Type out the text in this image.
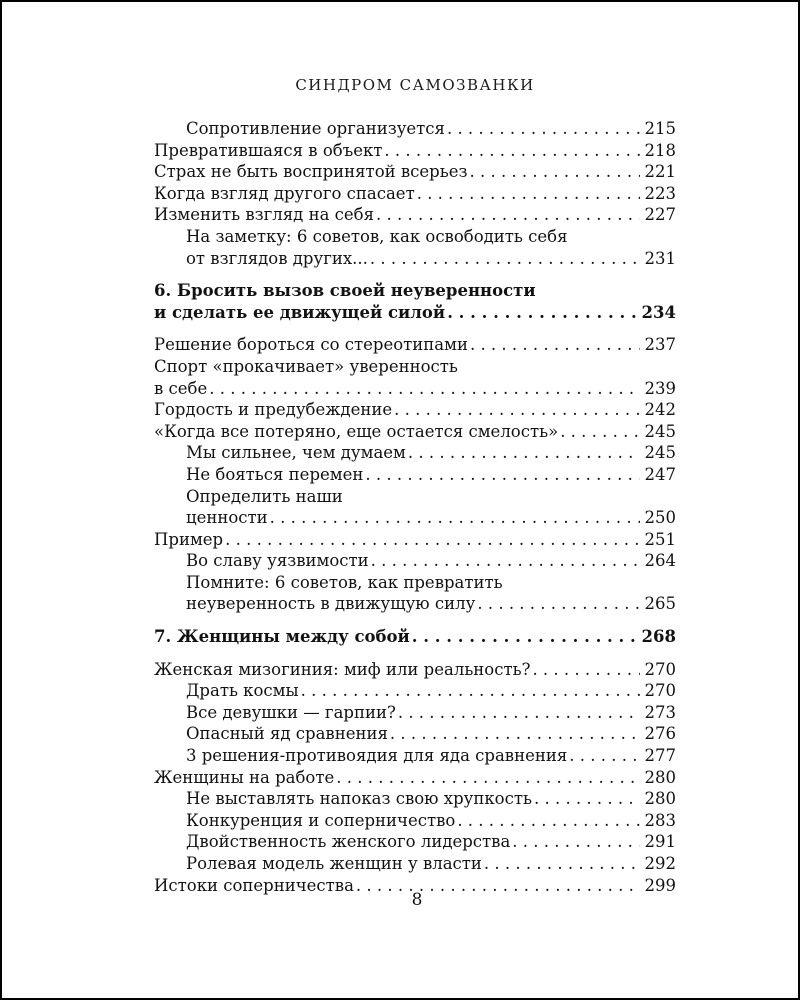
СИНДРОМ САМОЗВАНКИ
Сопротивление организуется . . .	215
Превратившаяся в объект . . .	218
Страх не быть воспринятой всерьез . . .	221
Когда взгляд другого спасает . . .	223
Изменить взгляд на себя . . .	227
На заметку: 6 советов, как освободить себя
от взглядов других... . . .	231
6. Бросить вызов своей неуверенности
и сделать ее движущей силой . . .	234
Решение бороться со стереотипами . . .	237
Спорт «прокачивает» уверенность
в себе . . .	239
Гордость и предубеждение . . .	242
«Когда все потеряно, еще остается смелость» . . .	245
Мы сильнее, чем думаем . . .	245
Не бояться перемен . . .	247
Определить наши
ценности . . .	250
Пример . . .	251
Во славу уязвимости . . .	264
Помните: 6 советов, как превратить
неуверенность в движущую силу . . .	265
7. Женщины между собой . . .	268
Женская мизогиния: миф или реальность? . . .	270
Драть космы . . .	270
Все девушки — гарпии? . . .	273
Опасный яд сравнения . . .	276
3 решения-противоядия для яда сравнения . . .	277
Женщины на работе . . .	280
Не выставлять напоказ свою хрупкость . . .	280
Конкуренция и соперничество . . .	283
Двойственность женского лидерства . . .	291
Ролевая модель женщин у власти . . .	292
Истоки соперничества . . .	299
8
